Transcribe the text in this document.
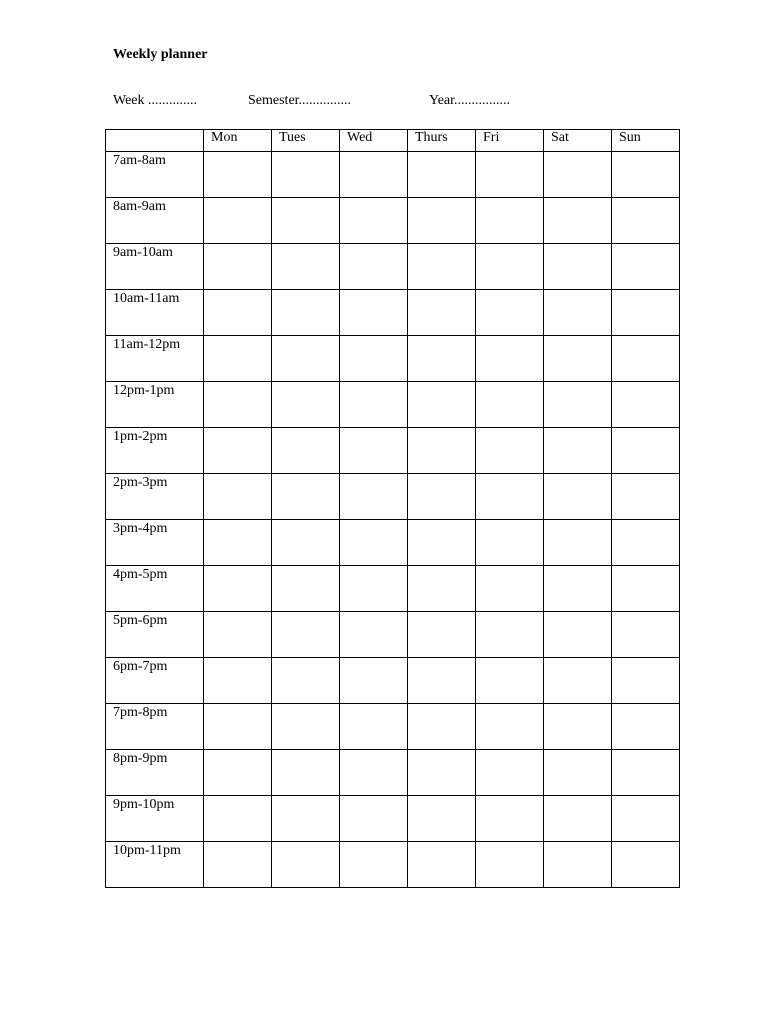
Weekly planner
Week ..............	Semester...............	Year................
	Mon	Tues	Wed	Thurs	Fri	Sat	Sun
7am-8am							
8am-9am							
9am-10am							
10am-11am							
11am-12pm							
12pm-1pm							
1pm-2pm							
2pm-3pm							
3pm-4pm							
4pm-5pm							
5pm-6pm							
6pm-7pm							
7pm-8pm							
8pm-9pm							
9pm-10pm							
10pm-11pm							
